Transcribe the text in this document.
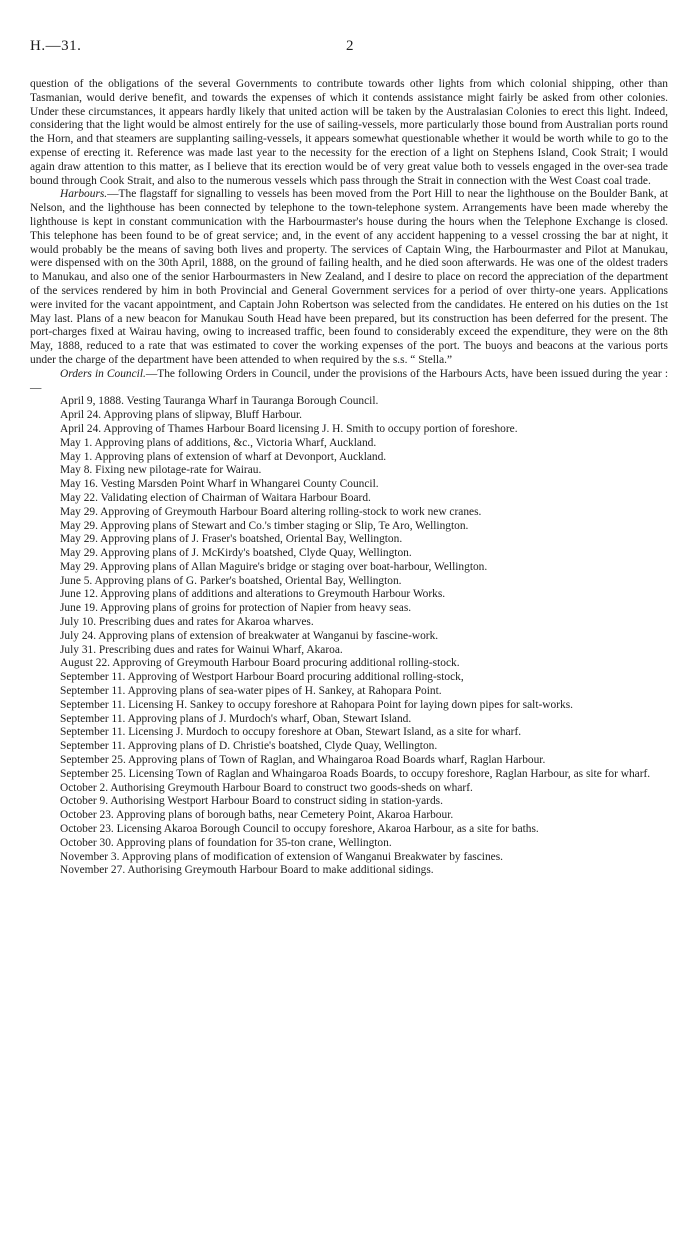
H.—31.	2

question of the obligations of the several Governments to contribute towards other lights from which colonial shipping, other than Tasmanian, would derive benefit, and towards the expenses of which it contends assistance might fairly be asked from other colonies. Under these circumstances, it appears hardly likely that united action will be taken by the Australasian Colonies to erect this light. Indeed, considering that the light would be almost entirely for the use of sailing-vessels, more particularly those bound from Australian ports round the Horn, and that steamers are supplanting sailing-vessels, it appears somewhat questionable whether it would be worth while to go to the expense of erecting it. Reference was made last year to the necessity for the erection of a light on Stephens Island, Cook Strait; I would again draw attention to this matter, as I believe that its erection would be of very great value both to vessels engaged in the over-sea trade bound through Cook Strait, and also to the numerous vessels which pass through the Strait in connection with the West Coast coal trade.

Harbours.—The flagstaff for signalling to vessels has been moved from the Port Hill to near the lighthouse on the Boulder Bank, at Nelson, and the lighthouse has been connected by telephone to the town-telephone system. Arrangements have been made whereby the lighthouse is kept in constant communication with the Harbourmaster's house during the hours when the Telephone Exchange is closed. This telephone has been found to be of great service; and, in the event of any accident happening to a vessel crossing the bar at night, it would probably be the means of saving both lives and property. The services of Captain Wing, the Harbourmaster and Pilot at Manukau, were dispensed with on the 30th April, 1888, on the ground of failing health, and he died soon afterwards. He was one of the oldest traders to Manukau, and also one of the senior Harbourmasters in New Zealand, and I desire to place on record the appreciation of the department of the services rendered by him in both Provincial and General Government services for a period of over thirty-one years. Applications were invited for the vacant appointment, and Captain John Robertson was selected from the candidates. He entered on his duties on the 1st May last. Plans of a new beacon for Manukau South Head have been prepared, but its construction has been deferred for the present. The port-charges fixed at Wairau having, owing to increased traffic, been found to considerably exceed the expenditure, they were on the 8th May, 1888, reduced to a rate that was estimated to cover the working expenses of the port. The buoys and beacons at the various ports under the charge of the department have been attended to when required by the s.s. “ Stella.”

Orders in Council.—The following Orders in Council, under the provisions of the Harbours Acts, have been issued during the year :—

April 9, 1888. Vesting Tauranga Wharf in Tauranga Borough Council.

April 24. Approving plans of slipway, Bluff Harbour.

April 24. Approving of Thames Harbour Board licensing J. H. Smith to occupy portion of foreshore.

May 1. Approving plans of additions, &c., Victoria Wharf, Auckland.

May 1. Approving plans of extension of wharf at Devonport, Auckland.

May 8. Fixing new pilotage-rate for Wairau.

May 16. Vesting Marsden Point Wharf in Whangarei County Council.

May 22. Validating election of Chairman of Waitara Harbour Board.

May 29. Approving of Greymouth Harbour Board altering rolling-stock to work new cranes.

May 29. Approving plans of Stewart and Co.'s timber staging or Slip, Te Aro, Wellington.

May 29. Approving plans of J. Fraser's boatshed, Oriental Bay, Wellington.

May 29. Approving plans of J. McKirdy's boatshed, Clyde Quay, Wellington.

May 29. Approving plans of Allan Maguire's bridge or staging over boat-harbour, Wellington.

June 5. Approving plans of G. Parker's boatshed, Oriental Bay, Wellington.

June 12. Approving plans of additions and alterations to Greymouth Harbour Works.

June 19. Approving plans of groins for protection of Napier from heavy seas.

July 10. Prescribing dues and rates for Akaroa wharves.

July 24. Approving plans of extension of breakwater at Wanganui by fascine-work.

July 31. Prescribing dues and rates for Wainui Wharf, Akaroa.

August 22. Approving of Greymouth Harbour Board procuring additional rolling-stock.

September 11. Approving of Westport Harbour Board procuring additional rolling-stock,

September 11. Approving plans of sea-water pipes of H. Sankey, at Rahopara Point.

September 11. Licensing H. Sankey to occupy foreshore at Rahopara Point for laying down pipes for salt-works.

September 11. Approving plans of J. Murdoch's wharf, Oban, Stewart Island.

September 11. Licensing J. Murdoch to occupy foreshore at Oban, Stewart Island, as a site for wharf.

September 11. Approving plans of D. Christie's boatshed, Clyde Quay, Wellington.

September 25. Approving plans of Town of Raglan, and Whaingaroa Road Boards wharf, Raglan Harbour.

September 25. Licensing Town of Raglan and Whaingaroa Roads Boards, to occupy foreshore, Raglan Harbour, as site for wharf.

October 2. Authorising Greymouth Harbour Board to construct two goods-sheds on wharf.

October 9. Authorising Westport Harbour Board to construct siding in station-yards.

October 23. Approving plans of borough baths, near Cemetery Point, Akaroa Harbour.

October 23. Licensing Akaroa Borough Council to occupy foreshore, Akaroa Harbour, as a site for baths.

October 30. Approving plans of foundation for 35-ton crane, Wellington.

November 3. Approving plans of modification of extension of Wanganui Breakwater by fascines.

November 27. Authorising Greymouth Harbour Board to make additional sidings.
